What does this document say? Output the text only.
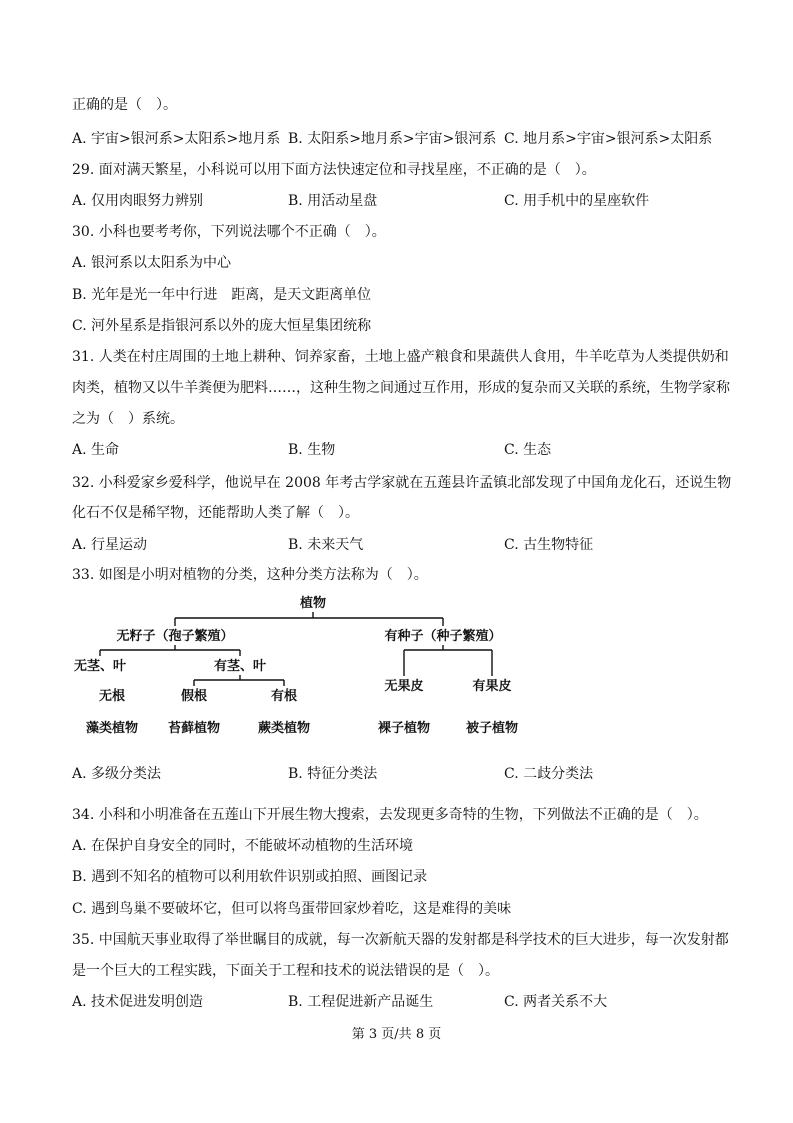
正确的是（　）。
A. 宇宙>银河系>太阳系>地月系 B. 太阳系>地月系>宇宙>银河系 C. 地月系>宇宙>银河系>太阳系
29. 面对满天繁星，小科说可以用下面方法快速定位和寻找星座，不正确的是（　）。
A. 仅用肉眼努力辨别	B. 用活动星盘	C. 用手机中的星座软件
30. 小科也要考考你，下列说法哪个不正确（　）。
A. 银河系以太阳系为中心
B. 光年是光一年中行进　距离，是天文距离单位
C. 河外星系是指银河系以外的庞大恒星集团统称
31. 人类在村庄周围的土地上耕种、饲养家畜，土地上盛产粮食和果蔬供人食用，牛羊吃草为人类提供奶和
肉类，植物又以牛羊粪便为肥料……，这种生物之间通过互作用，形成的复杂而又关联的系统，生物学家称
之为（　）系统。
A. 生命	B. 生物	C. 生态
32. 小科爱家乡爱科学，他说早在 2008 年考古学家就在五莲县许孟镇北部发现了中国角龙化石，还说生物
化石不仅是稀罕物，还能帮助人类了解（　）。
A. 行星运动	B. 未来天气	C. 古生物特征
33. 如图是小明对植物的分类，这种分类方法称为（　）。
植物
无籽子（孢子繁殖）	有种子（种子繁殖）
无茎、叶	有茎、叶
无根	假根	有根
无果皮	有果皮
藻类植物 苔藓植物	蕨类植物	裸子植物	被子植物
A. 多级分类法	B. 特征分类法	C. 二歧分类法
34. 小科和小明准备在五莲山下开展生物大搜索，去发现更多奇特的生物，下列做法不正确的是（　）。
A. 在保护自身安全的同时，不能破坏动植物的生活环境
B. 遇到不知名的植物可以利用软件识别或拍照、画图记录
C. 遇到鸟巢不要破坏它，但可以将鸟蛋带回家炒着吃，这是难得的美味
35. 中国航天事业取得了举世瞩目的成就，每一次新航天器的发射都是科学技术的巨大进步，每一次发射都
是一个巨大的工程实践，下面关于工程和技术的说法错误的是（　）。
A. 技术促进发明创造	B. 工程促进新产品诞生	C. 两者关系不大
第 3 页/共 8 页
